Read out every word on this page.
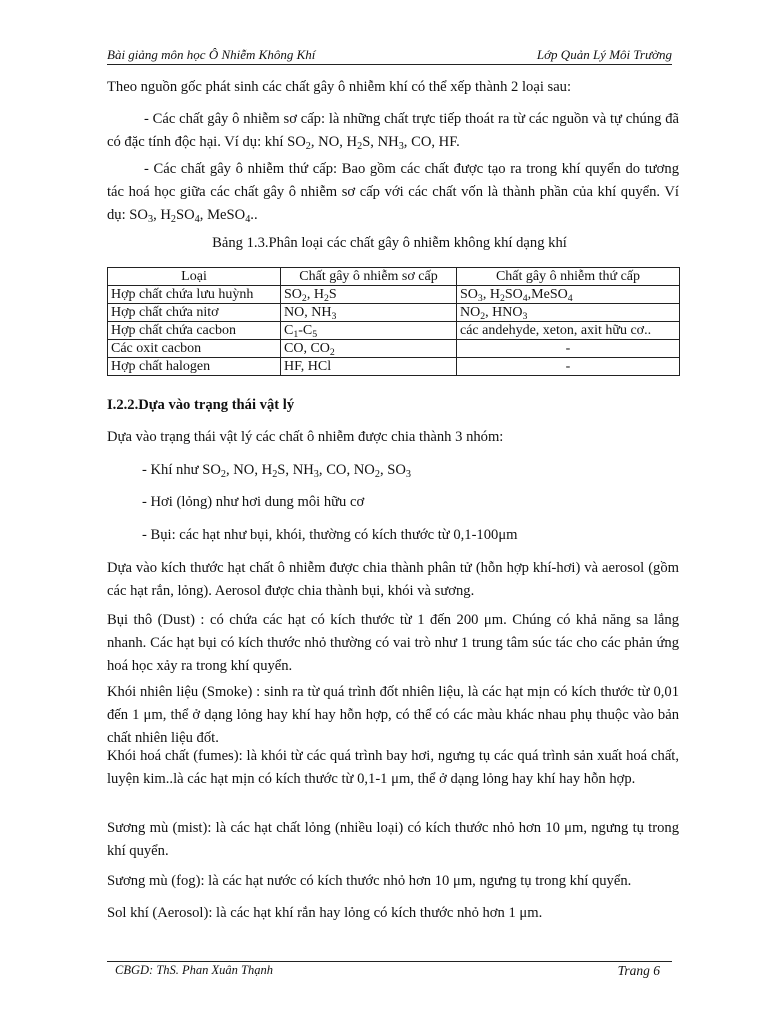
Bài giảng môn học Ô Nhiễm Không Khí	Lớp Quản Lý Môi Trường

Theo nguồn gốc phát sinh các chất gây ô nhiễm khí có thể xếp thành 2 loại sau:

- Các chất gây ô nhiễm sơ cấp: là những chất trực tiếp thoát ra từ các nguồn và tự chúng đã có đặc tính độc hại. Ví dụ: khí $SO_2$, NO, $H_2S$, $NH_3$, CO, HF.

- Các chất gây ô nhiễm thứ cấp: Bao gồm các chất được tạo ra trong khí quyển do tương tác hoá học giữa các chất gây ô nhiễm sơ cấp với các chất vốn là thành phần của khí quyển. Ví dụ: $SO_3$, $H_2SO_4$, MeSO$_4$..

Bảng 1.3.Phân loại các chất gây ô nhiễm không khí dạng khí

Loại	Chất gây ô nhiễm sơ cấp	Chất gây ô nhiễm thứ cấp
Hợp chất chứa lưu huỳnh	$SO_2$, $H_2S$	$SO_3$, $H_2SO_4,MeSO_4$
Hợp chất chứa nitơ	NO, $NH_3$	$NO_2$, $HNO_3$
Hợp chất chứa cacbon	$C_1-C_5$	các andehyde, xeton, axit hữu cơ..
Các oxit cacbon	CO, $CO_2$	-
Hợp chất halogen	HF, HCl	-

I.2.2.Dựa vào trạng thái vật lý

Dựa vào trạng thái vật lý các chất ô nhiễm được chia thành 3 nhóm:

- Khí như $SO_2$, NO, $H_2S$, $NH_3$, CO, $NO_2$, $SO_3$

- Hơi (lỏng) như hơi dung môi hữu cơ

- Bụi: các hạt như bụi, khói, thường có kích thước từ 0,1-100μm

Dựa vào kích thước hạt chất ô nhiễm được chia thành phân tử (hỗn hợp khí-hơi) và aerosol (gồm các hạt rắn, lỏng). Aerosol được chia thành bụi, khói và sương.

Bụi thô (Dust) : có chứa các hạt có kích thước từ 1 đến 200 μm. Chúng có khả năng sa lắng nhanh. Các hạt bụi có kích thước nhỏ thường có vai trò như 1 trung tâm súc tác cho các phản ứng hoá học xảy ra trong khí quyển.

Khói nhiên liệu (Smoke) : sinh ra từ quá trình đốt nhiên liệu, là các hạt mịn có kích thước từ 0,01 đến 1 μm, thể ở dạng lỏng hay khí hay hỗn hợp, có thể có các màu khác nhau phụ thuộc vào bản chất nhiên liệu đốt.

Khói hoá chất (fumes): là khói từ các quá trình bay hơi, ngưng tụ các quá trình sản xuất hoá chất, luyện kim..là các hạt mịn có kích thước từ 0,1-1 μm, thể ở dạng lỏng hay khí hay hỗn hợp.

Sương mù (mist): là các hạt chất lỏng (nhiều loại) có kích thước nhỏ hơn 10 μm, ngưng tụ trong khí quyển.

Sương mù (fog): là các hạt nước có kích thước nhỏ hơn 10 μm, ngưng tụ trong khí quyển.

Sol khí (Aerosol): là các hạt khí rắn hay lỏng có kích thước nhỏ hơn 1 μm.

CBGD: ThS. Phan Xuân Thạnh	Trang 6
